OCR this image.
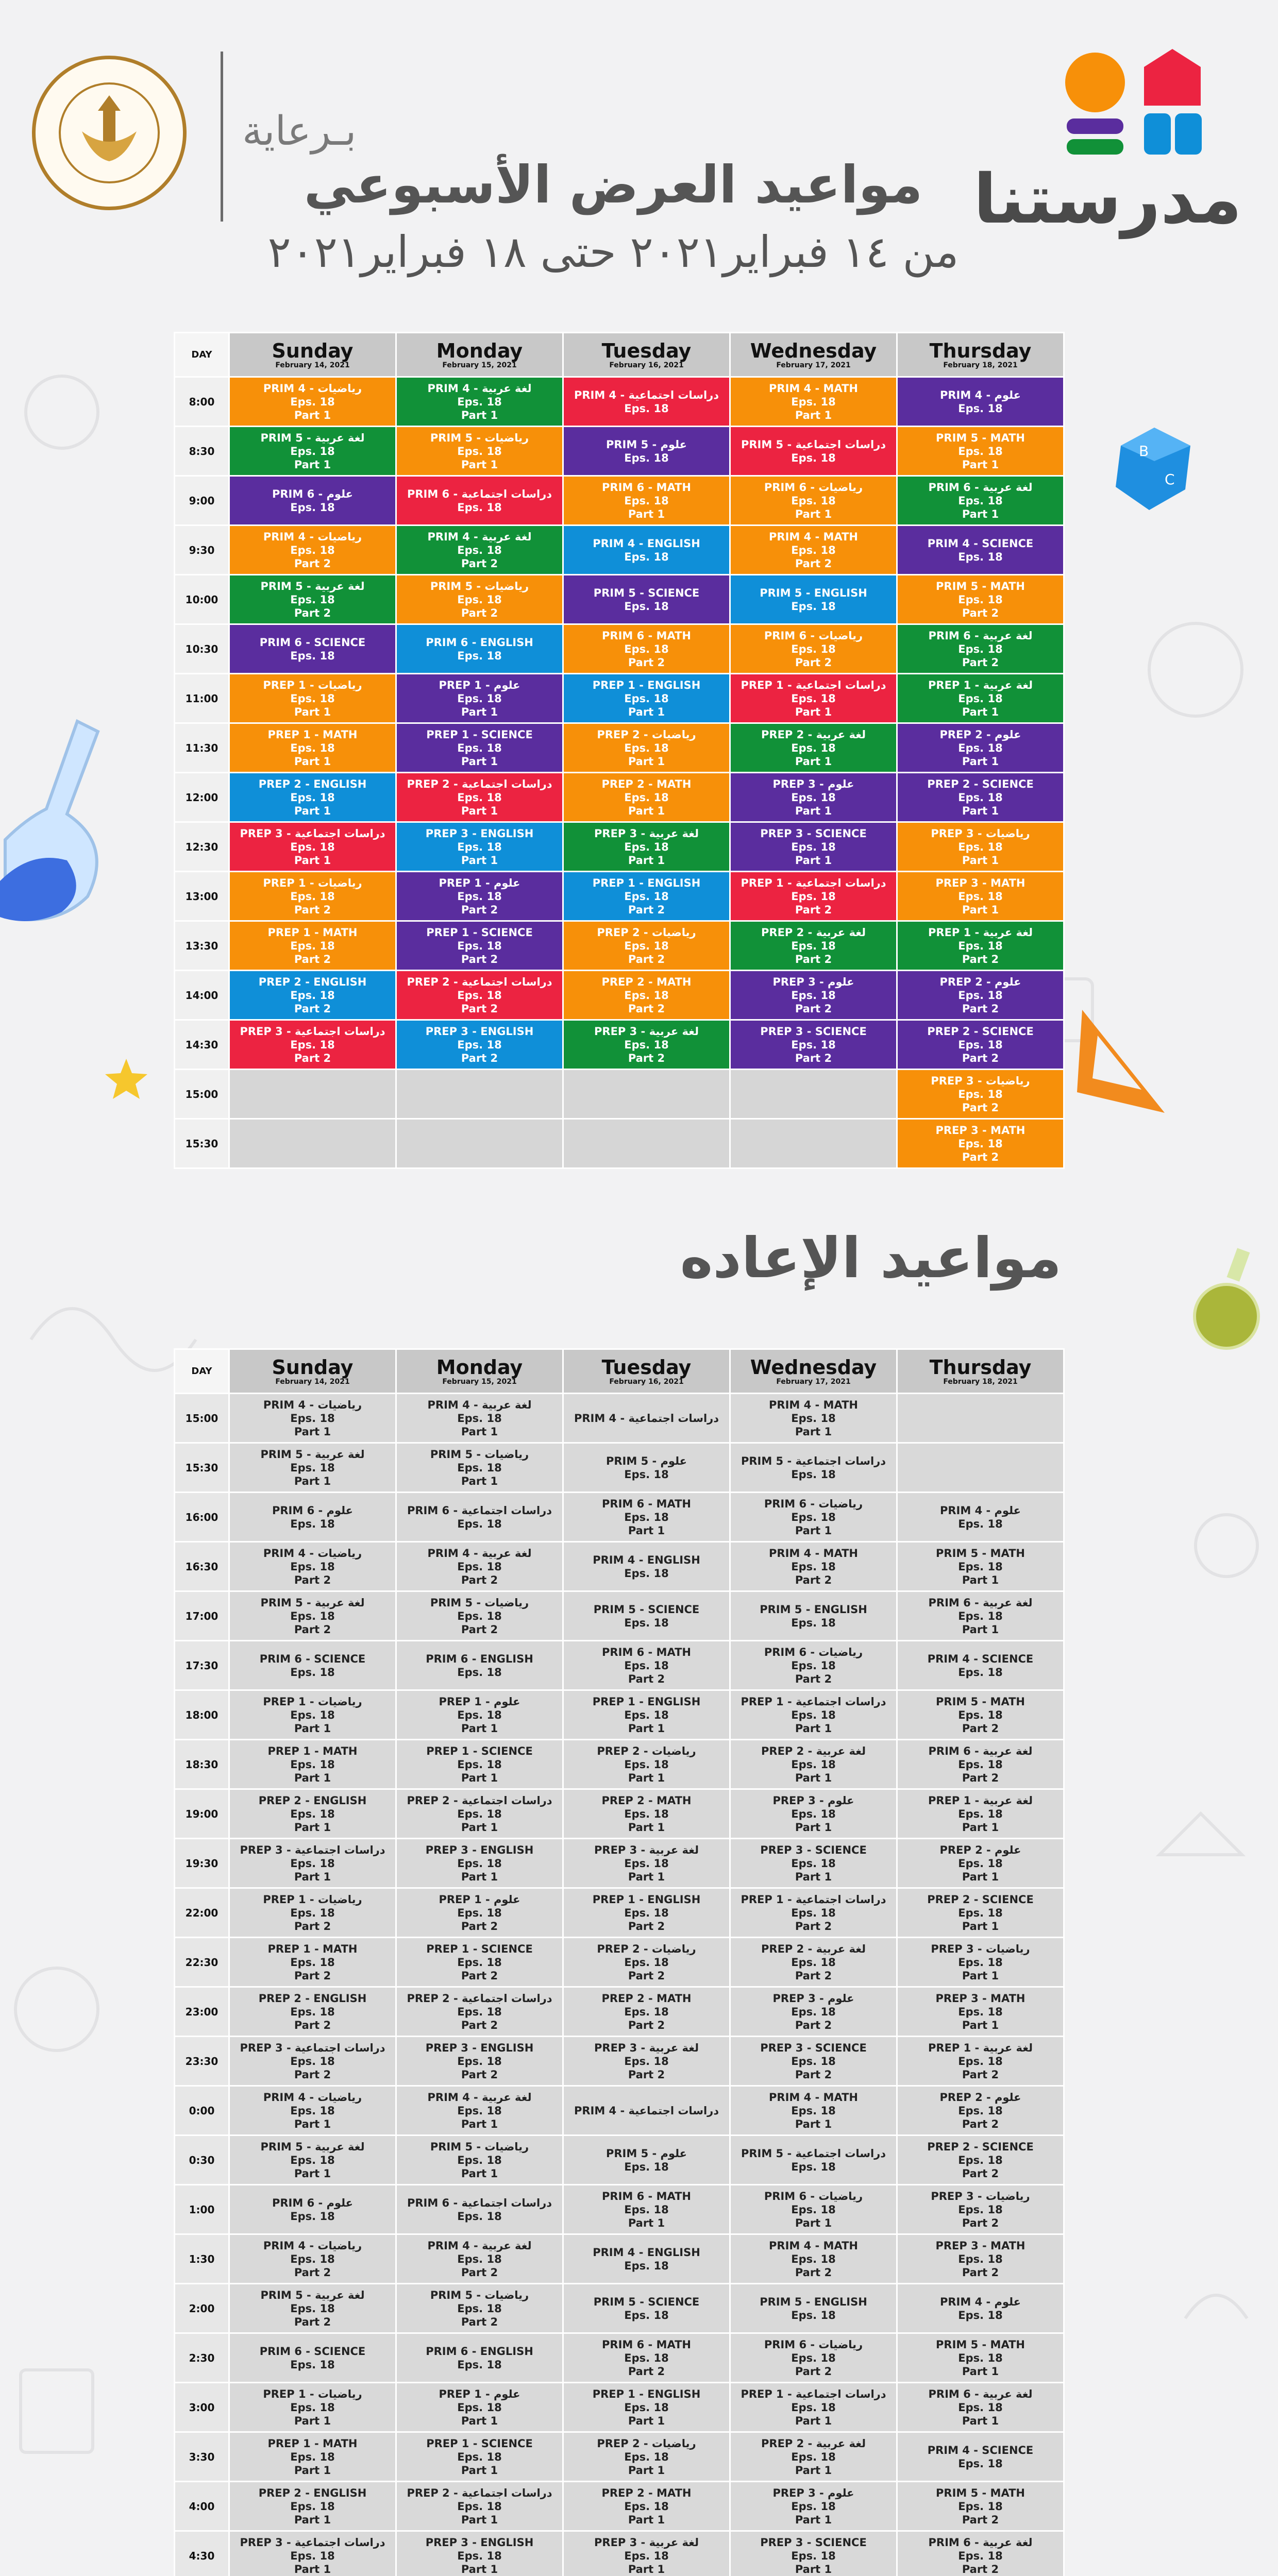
بـرعاية
مدرستنا
مواعيد العرض الأسبوعي
من ١٤ فبراير٢٠٢١ حتى ١٨ فبراير٢٠٢١
B
C
DAY	Sunday
February 14, 2021	Monday
February 15, 2021	Tuesday
February 16, 2021	Wednesday
February 17, 2021	Thursday
February 18, 2021

8:00	PRIM 4 - رياضيات
Eps. 18
Part 1	PRIM 4 - لغة عربية
Eps. 18
Part 1	PRIM 4 - دراسات اجتماعية
Eps. 18	PRIM 4 - MATH
Eps. 18
Part 1	PRIM 4 - علوم
Eps. 18

8:30	PRIM 5 - لغة عربية
Eps. 18
Part 1	PRIM 5 - رياضيات
Eps. 18
Part 1	PRIM 5 - علوم
Eps. 18	PRIM 5 - دراسات اجتماعية
Eps. 18	PRIM 5 - MATH
Eps. 18
Part 1

9:00	PRIM 6 - علوم
Eps. 18	PRIM 6 - دراسات اجتماعية
Eps. 18	PRIM 6 - MATH
Eps. 18
Part 1	PRIM 6 - رياضيات
Eps. 18
Part 1	PRIM 6 - لغة عربية
Eps. 18
Part 1

9:30	PRIM 4 - رياضيات
Eps. 18
Part 2	PRIM 4 - لغة عربية
Eps. 18
Part 2	PRIM 4 - ENGLISH
Eps. 18	PRIM 4 - MATH
Eps. 18
Part 2	PRIM 4 - SCIENCE
Eps. 18

10:00	PRIM 5 - لغة عربية
Eps. 18
Part 2	PRIM 5 - رياضيات
Eps. 18
Part 2	PRIM 5 - SCIENCE
Eps. 18	PRIM 5 - ENGLISH
Eps. 18	PRIM 5 - MATH
Eps. 18
Part 2

10:30	PRIM 6 - SCIENCE
Eps. 18	PRIM 6 - ENGLISH
Eps. 18	PRIM 6 - MATH
Eps. 18
Part 2	PRIM 6 - رياضيات
Eps. 18
Part 2	PRIM 6 - لغة عربية
Eps. 18
Part 2

11:00	PREP 1 - رياضيات
Eps. 18
Part 1	PREP 1 - علوم
Eps. 18
Part 1	PREP 1 - ENGLISH
Eps. 18
Part 1	PREP 1 - دراسات اجتماعية
Eps. 18
Part 1	PREP 1 - لغة عربية
Eps. 18
Part 1

11:30	PREP 1 - MATH
Eps. 18
Part 1	PREP 1 - SCIENCE
Eps. 18
Part 1	PREP 2 - رياضيات
Eps. 18
Part 1	PREP 2 - لغة عربية
Eps. 18
Part 1	PREP 2 - علوم
Eps. 18
Part 1

12:00	PREP 2 - ENGLISH
Eps. 18
Part 1	PREP 2 - دراسات اجتماعية
Eps. 18
Part 1	PREP 2 - MATH
Eps. 18
Part 1	PREP 3 - علوم
Eps. 18
Part 1	PREP 2 - SCIENCE
Eps. 18
Part 1

12:30	PREP 3 - دراسات اجتماعية
Eps. 18
Part 1	PREP 3 - ENGLISH
Eps. 18
Part 1	PREP 3 - لغة عربية
Eps. 18
Part 1	PREP 3 - SCIENCE
Eps. 18
Part 1	PREP 3 - رياضيات
Eps. 18
Part 1

13:00	PREP 1 - رياضيات
Eps. 18
Part 2	PREP 1 - علوم
Eps. 18
Part 2	PREP 1 - ENGLISH
Eps. 18
Part 2	PREP 1 - دراسات اجتماعية
Eps. 18
Part 2	PREP 3 - MATH
Eps. 18
Part 1

13:30	PREP 1 - MATH
Eps. 18
Part 2	PREP 1 - SCIENCE
Eps. 18
Part 2	PREP 2 - رياضيات
Eps. 18
Part 2	PREP 2 - لغة عربية
Eps. 18
Part 2	PREP 1 - لغة عربية
Eps. 18
Part 2

14:00	PREP 2 - ENGLISH
Eps. 18
Part 2	PREP 2 - دراسات اجتماعية
Eps. 18
Part 2	PREP 2 - MATH
Eps. 18
Part 2	PREP 3 - علوم
Eps. 18
Part 2	PREP 2 - علوم
Eps. 18
Part 2

14:30	PREP 3 - دراسات اجتماعية
Eps. 18
Part 2	PREP 3 - ENGLISH
Eps. 18
Part 2	PREP 3 - لغة عربية
Eps. 18
Part 2	PREP 3 - SCIENCE
Eps. 18
Part 2	PREP 2 - SCIENCE
Eps. 18
Part 2

15:00					PREP 3 - رياضيات
Eps. 18
Part 2

15:30					PREP 3 - MATH
Eps. 18
Part 2
مواعيد الإعاده
DAY	Sunday
February 14, 2021	Monday
February 15, 2021	Tuesday
February 16, 2021	Wednesday
February 17, 2021	Thursday
February 18, 2021

15:00	PRIM 4 - رياضيات
Eps. 18
Part 1	PRIM 4 - لغة عربية
Eps. 18
Part 1	PRIM 4 - دراسات اجتماعية	PRIM 4 - MATH
Eps. 18
Part 1	

15:30	PRIM 5 - لغة عربية
Eps. 18
Part 1	PRIM 5 - رياضيات
Eps. 18
Part 1	PRIM 5 - علوم
Eps. 18	PRIM 5 - دراسات اجتماعية
Eps. 18	

16:00	PRIM 6 - علوم
Eps. 18	PRIM 6 - دراسات اجتماعية
Eps. 18	PRIM 6 - MATH
Eps. 18
Part 1	PRIM 6 - رياضيات
Eps. 18
Part 1	PRIM 4 - علوم
Eps. 18

16:30	PRIM 4 - رياضيات
Eps. 18
Part 2	PRIM 4 - لغة عربية
Eps. 18
Part 2	PRIM 4 - ENGLISH
Eps. 18	PRIM 4 - MATH
Eps. 18
Part 2	PRIM 5 - MATH
Eps. 18
Part 1

17:00	PRIM 5 - لغة عربية
Eps. 18
Part 2	PRIM 5 - رياضيات
Eps. 18
Part 2	PRIM 5 - SCIENCE
Eps. 18	PRIM 5 - ENGLISH
Eps. 18	PRIM 6 - لغة عربية
Eps. 18
Part 1

17:30	PRIM 6 - SCIENCE
Eps. 18	PRIM 6 - ENGLISH
Eps. 18	PRIM 6 - MATH
Eps. 18
Part 2	PRIM 6 - رياضيات
Eps. 18
Part 2	PRIM 4 - SCIENCE
Eps. 18

18:00	PREP 1 - رياضيات
Eps. 18
Part 1	PREP 1 - علوم
Eps. 18
Part 1	PREP 1 - ENGLISH
Eps. 18
Part 1	PREP 1 - دراسات اجتماعية
Eps. 18
Part 1	PRIM 5 - MATH
Eps. 18
Part 2

18:30	PREP 1 - MATH
Eps. 18
Part 1	PREP 1 - SCIENCE
Eps. 18
Part 1	PREP 2 - رياضيات
Eps. 18
Part 1	PREP 2 - لغة عربية
Eps. 18
Part 1	PRIM 6 - لغة عربية
Eps. 18
Part 2

19:00	PREP 2 - ENGLISH
Eps. 18
Part 1	PREP 2 - دراسات اجتماعية
Eps. 18
Part 1	PREP 2 - MATH
Eps. 18
Part 1	PREP 3 - علوم
Eps. 18
Part 1	PREP 1 - لغة عربية
Eps. 18
Part 1

19:30	PREP 3 - دراسات اجتماعية
Eps. 18
Part 1	PREP 3 - ENGLISH
Eps. 18
Part 1	PREP 3 - لغة عربية
Eps. 18
Part 1	PREP 3 - SCIENCE
Eps. 18
Part 1	PREP 2 - علوم
Eps. 18
Part 1

22:00	PREP 1 - رياضيات
Eps. 18
Part 2	PREP 1 - علوم
Eps. 18
Part 2	PREP 1 - ENGLISH
Eps. 18
Part 2	PREP 1 - دراسات اجتماعية
Eps. 18
Part 2	PREP 2 - SCIENCE
Eps. 18
Part 1

22:30	PREP 1 - MATH
Eps. 18
Part 2	PREP 1 - SCIENCE
Eps. 18
Part 2	PREP 2 - رياضيات
Eps. 18
Part 2	PREP 2 - لغة عربية
Eps. 18
Part 2	PREP 3 - رياضيات
Eps. 18
Part 1

23:00	PREP 2 - ENGLISH
Eps. 18
Part 2	PREP 2 - دراسات اجتماعية
Eps. 18
Part 2	PREP 2 - MATH
Eps. 18
Part 2	PREP 3 - علوم
Eps. 18
Part 2	PREP 3 - MATH
Eps. 18
Part 1

23:30	PREP 3 - دراسات اجتماعية
Eps. 18
Part 2	PREP 3 - ENGLISH
Eps. 18
Part 2	PREP 3 - لغة عربية
Eps. 18
Part 2	PREP 3 - SCIENCE
Eps. 18
Part 2	PREP 1 - لغة عربية
Eps. 18
Part 2

0:00	PRIM 4 - رياضيات
Eps. 18
Part 1	PRIM 4 - لغة عربية
Eps. 18
Part 1	PRIM 4 - دراسات اجتماعية	PRIM 4 - MATH
Eps. 18
Part 1	PREP 2 - علوم
Eps. 18
Part 2

0:30	PRIM 5 - لغة عربية
Eps. 18
Part 1	PRIM 5 - رياضيات
Eps. 18
Part 1	PRIM 5 - علوم
Eps. 18	PRIM 5 - دراسات اجتماعية
Eps. 18	PREP 2 - SCIENCE
Eps. 18
Part 2

1:00	PRIM 6 - علوم
Eps. 18	PRIM 6 - دراسات اجتماعية
Eps. 18	PRIM 6 - MATH
Eps. 18
Part 1	PRIM 6 - رياضيات
Eps. 18
Part 1	PREP 3 - رياضيات
Eps. 18
Part 2

1:30	PRIM 4 - رياضيات
Eps. 18
Part 2	PRIM 4 - لغة عربية
Eps. 18
Part 2	PRIM 4 - ENGLISH
Eps. 18	PRIM 4 - MATH
Eps. 18
Part 2	PREP 3 - MATH
Eps. 18
Part 2

2:00	PRIM 5 - لغة عربية
Eps. 18
Part 2	PRIM 5 - رياضيات
Eps. 18
Part 2	PRIM 5 - SCIENCE
Eps. 18	PRIM 5 - ENGLISH
Eps. 18	PRIM 4 - علوم
Eps. 18

2:30	PRIM 6 - SCIENCE
Eps. 18	PRIM 6 - ENGLISH
Eps. 18	PRIM 6 - MATH
Eps. 18
Part 2	PRIM 6 - رياضيات
Eps. 18
Part 2	PRIM 5 - MATH
Eps. 18
Part 1

3:00	PREP 1 - رياضيات
Eps. 18
Part 1	PREP 1 - علوم
Eps. 18
Part 1	PREP 1 - ENGLISH
Eps. 18
Part 1	PREP 1 - دراسات اجتماعية
Eps. 18
Part 1	PRIM 6 - لغة عربية
Eps. 18
Part 1

3:30	PREP 1 - MATH
Eps. 18
Part 1	PREP 1 - SCIENCE
Eps. 18
Part 1	PREP 2 - رياضيات
Eps. 18
Part 1	PREP 2 - لغة عربية
Eps. 18
Part 1	PRIM 4 - SCIENCE
Eps. 18

4:00	PREP 2 - ENGLISH
Eps. 18
Part 1	PREP 2 - دراسات اجتماعية
Eps. 18
Part 1	PREP 2 - MATH
Eps. 18
Part 1	PREP 3 - علوم
Eps. 18
Part 1	PRIM 5 - MATH
Eps. 18
Part 2

4:30	PREP 3 - دراسات اجتماعية
Eps. 18
Part 1	PREP 3 - ENGLISH
Eps. 18
Part 1	PREP 3 - لغة عربية
Eps. 18
Part 1	PREP 3 - SCIENCE
Eps. 18
Part 1	PRIM 6 - لغة عربية
Eps. 18
Part 2
